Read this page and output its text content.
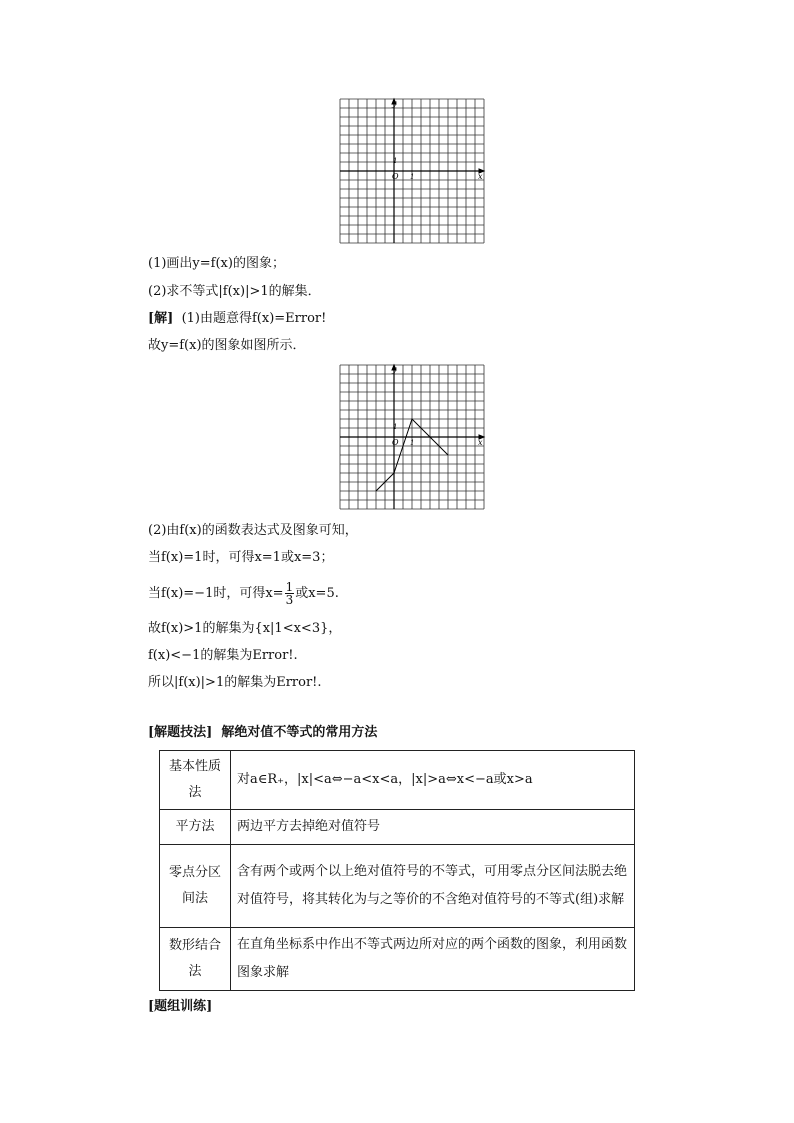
y
x
O 1
1
(1)画出y=f(x)的图象；
(2)求不等式|f(x)|>1的解集．
[解] (1)由题意得f(x)=Error!
故y=f(x)的图象如图所示．
y
x
O 1
1
(2)由f(x)的函数表达式及图象可知，
当f(x)=1时，可得x=1或x=3；
当f(x)=−1时，可得$x= \frac{1}{3}$ 或x=5.
故f(x)>1的解集为{x|1<x<3}，
f(x)<−1的解集为Error!.
所以|f(x)|>1的解集为Error!.
[解题技法] 解绝对值不等式的常用方法
基本性质法	对a∈R₊，|x|<a⇔−a<x<a，|x|>a⇔x<−a或x>a
平方法	两边平方去掉绝对值符号
零点分区间法	含有两个或两个以上绝对值符号的不等式，可用零点分区间法脱去绝对值符号，将其转化为与之等价的不含绝对值符号的不等式(组)求解
数形结合法	在直角坐标系中作出不等式两边所对应的两个函数的图象，利用函数图象求解
[题组训练]
